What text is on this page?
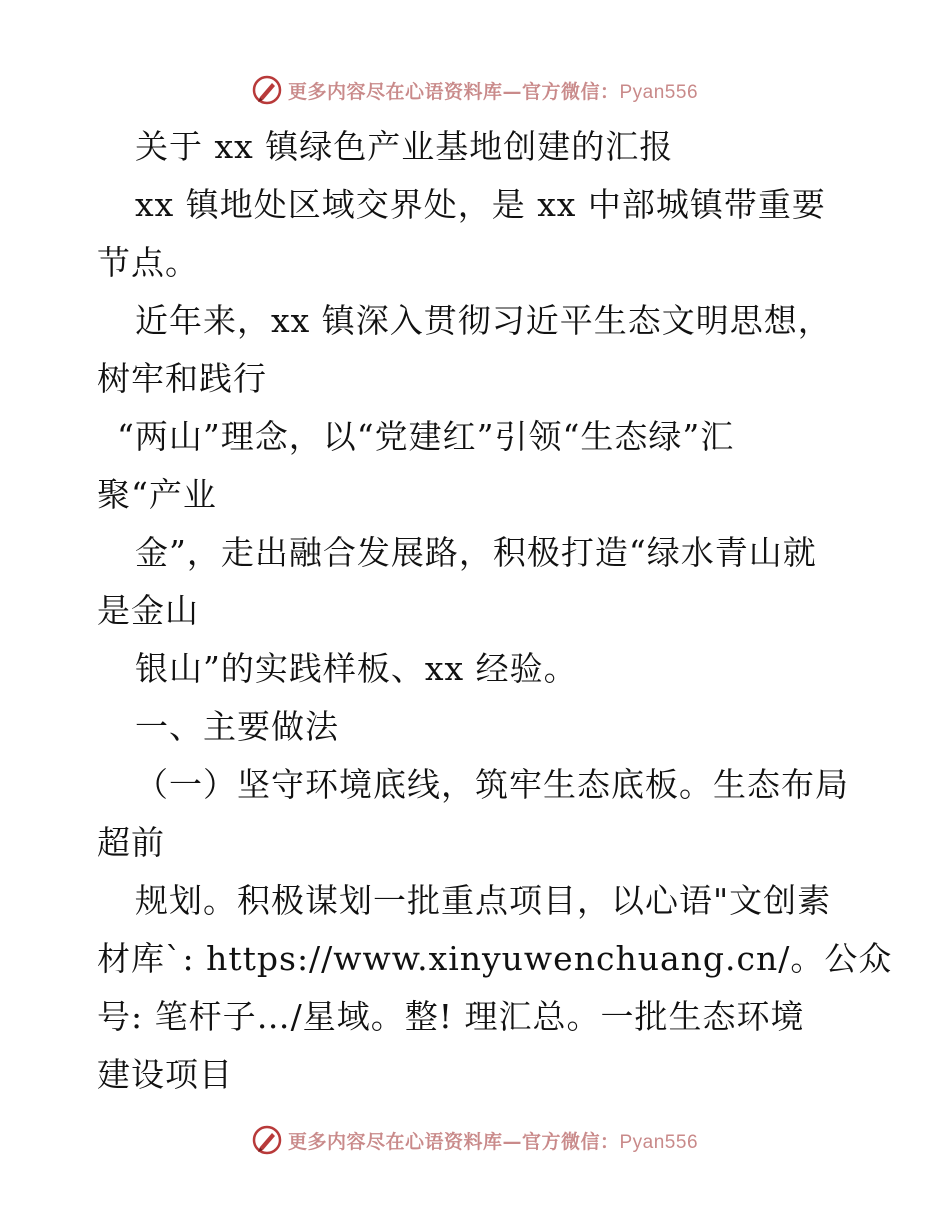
更多内容尽在心语资料库—官方微信：Pyan556
关于 xx 镇绿色产业基地创建的汇报
xx 镇地处区域交界处，是 xx 中部城镇带重要
节点。
近年来，xx 镇深入贯彻习近平生态文明思想，
树牢和践行
“两山”理念，以“党建红”引领“生态绿”汇
聚“产业
金”，走出融合发展路，积极打造“绿水青山就
是金山
银山”的实践样板、xx 经验。
一、主要做法
（一）坚守环境底线，筑牢生态底板。生态布局
超前
规划。积极谋划一批重点项目，以心语"文创素
材库`: https://www.xinyuwenchuang.cn/。公众
号: 笔杆子…/星域。整! 理汇总。一批生态环境
建设项目
更多内容尽在心语资料库—官方微信：Pyan556
